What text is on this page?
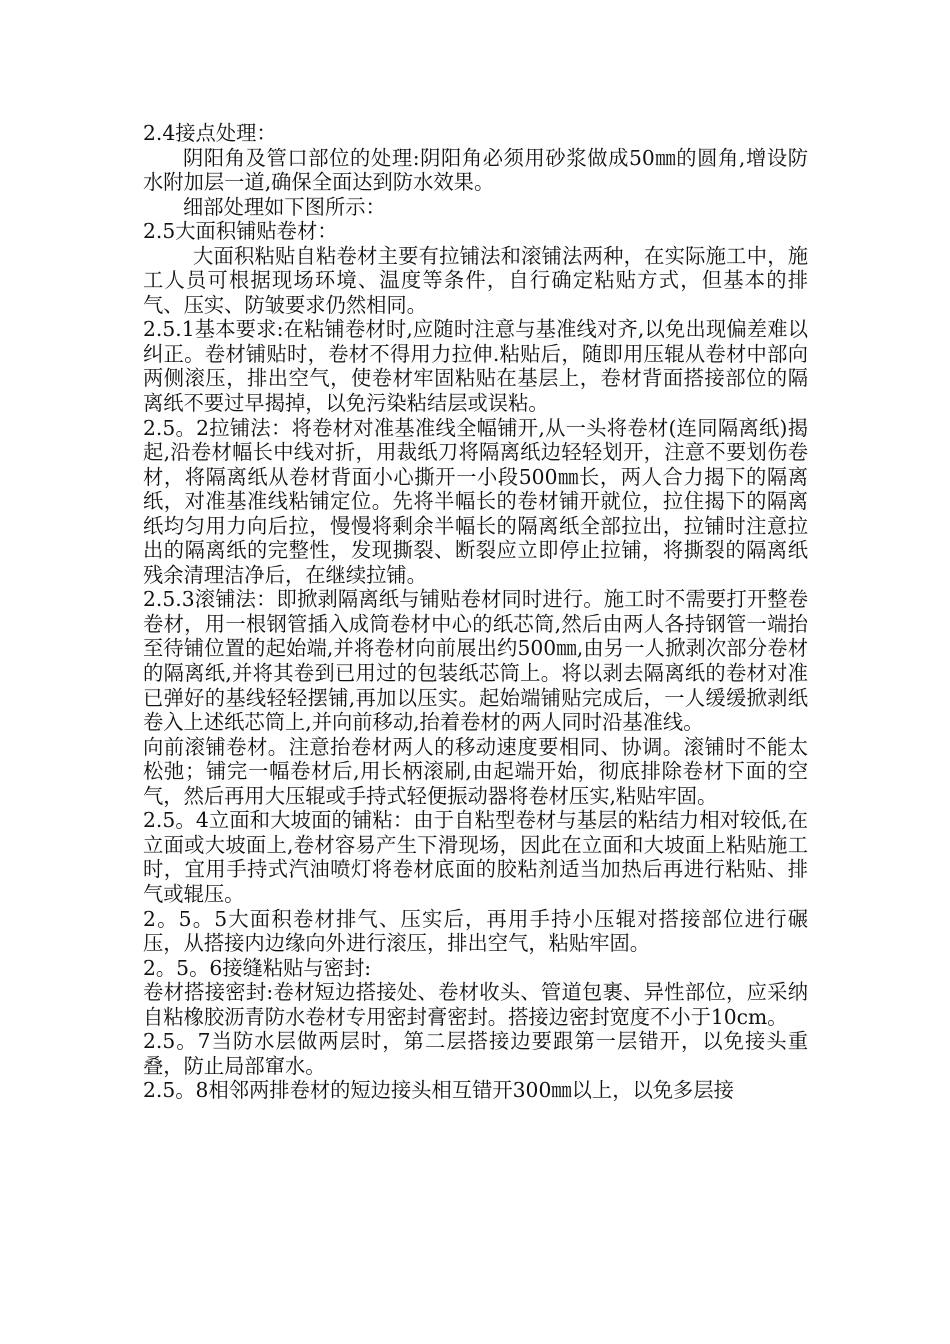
2.4接点处理：

阴阳角及管口部位的处理:阴阳角必须用砂浆做成50㎜的圆角,增设防水附加层一道,确保全面达到防水效果。

细部处理如下图所示：

2.5大面积铺贴卷材：

大面积粘贴自粘卷材主要有拉铺法和滚铺法两种，在实际施工中，施工人员可根据现场环境、温度等条件，自行确定粘贴方式，但基本的排气、压实、防皱要求仍然相同。

2.5.1基本要求:在粘铺卷材时,应随时注意与基准线对齐,以免出现偏差难以纠正。卷材铺贴时，卷材不得用力拉伸.粘贴后，随即用压辊从卷材中部向两侧滚压，排出空气，使卷材牢固粘贴在基层上，卷材背面搭接部位的隔离纸不要过早揭掉，以免污染粘结层或误粘。

2.5。2拉铺法：将卷材对准基准线全幅铺开,从一头将卷材(连同隔离纸)揭起,沿卷材幅长中线对折，用裁纸刀将隔离纸边轻轻划开，注意不要划伤卷材，将隔离纸从卷材背面小心撕开一小段500㎜长，两人合力揭下的隔离纸，对准基准线粘铺定位。先将半幅长的卷材铺开就位，拉住揭下的隔离纸均匀用力向后拉，慢慢将剩余半幅长的隔离纸全部拉出，拉铺时注意拉出的隔离纸的完整性，发现撕裂、断裂应立即停止拉铺，将撕裂的隔离纸残余清理洁净后，在继续拉铺。

2.5.3滚铺法：即掀剥隔离纸与铺贴卷材同时进行。施工时不需要打开整卷卷材，用一根钢管插入成筒卷材中心的纸芯筒,然后由两人各持钢管一端抬至待铺位置的起始端,并将卷材向前展出约500㎜,由另一人掀剥次部分卷材的隔离纸,并将其卷到已用过的包装纸芯筒上。将以剥去隔离纸的卷材对准已弹好的基线轻轻摆铺,再加以压实。起始端铺贴完成后，一人缓缓掀剥纸卷入上述纸芯筒上,并向前移动,抬着卷材的两人同时沿基准线。

向前滚铺卷材。注意抬卷材两人的移动速度要相同、协调。滚铺时不能太松弛；铺完一幅卷材后,用长柄滚刷,由起端开始，彻底排除卷材下面的空气，然后再用大压辊或手持式轻便振动器将卷材压实,粘贴牢固。

2.5。4立面和大坡面的铺粘：由于自粘型卷材与基层的粘结力相对较低,在立面或大坡面上,卷材容易产生下滑现场，因此在立面和大坡面上粘贴施工时，宜用手持式汽油喷灯将卷材底面的胶粘剂适当加热后再进行粘贴、排气或辊压。

2。5。5大面积卷材排气、压实后，再用手持小压辊对搭接部位进行碾压，从搭接内边缘向外进行滚压，排出空气，粘贴牢固。

2。5。6接缝粘贴与密封:

卷材搭接密封:卷材短边搭接处、卷材收头、管道包裹、异性部位，应采纳自粘橡胶沥青防水卷材专用密封膏密封。搭接边密封宽度不小于10cm。

2.5。7当防水层做两层时，第二层搭接边要跟第一层错开，以免接头重叠，防止局部窜水。

2.5。8相邻两排卷材的短边接头相互错开300㎜以上，以免多层接
